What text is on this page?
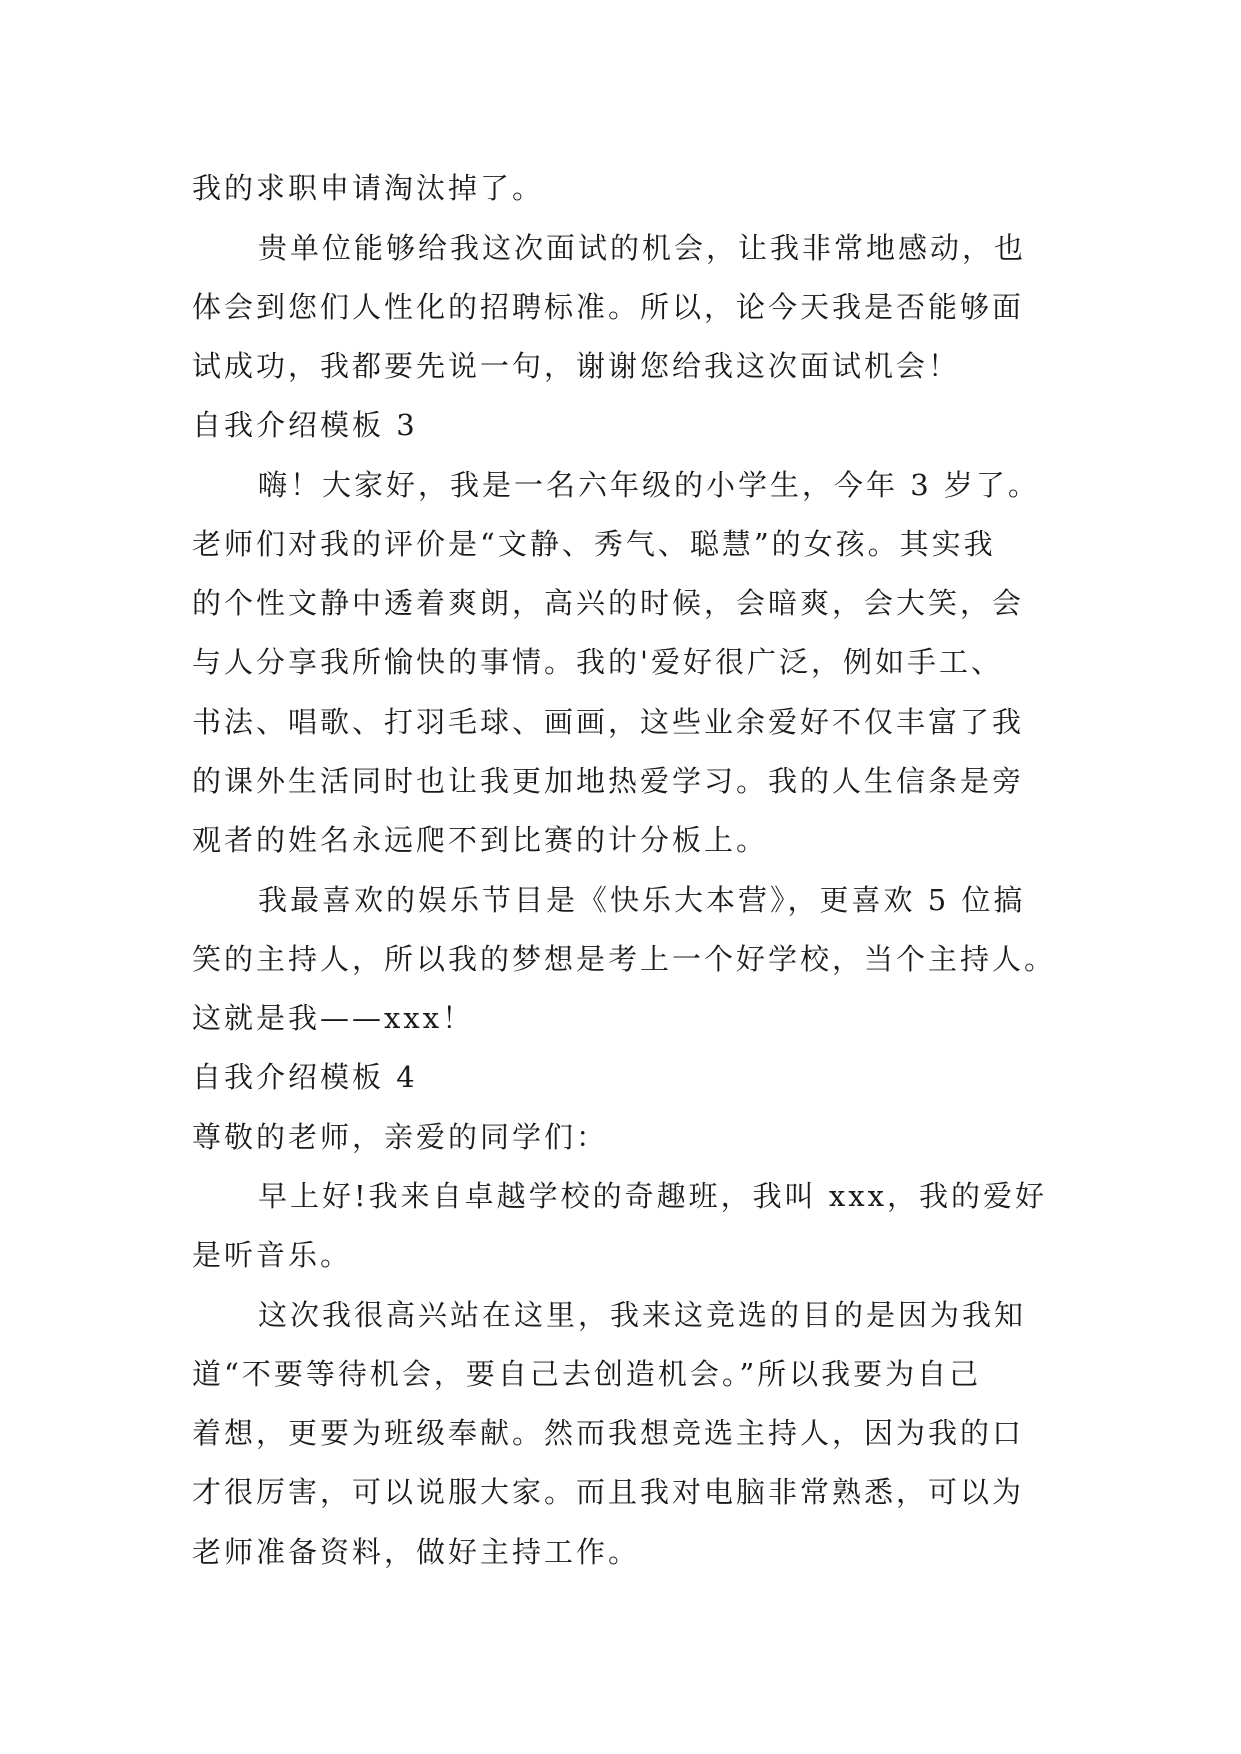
我的求职申请淘汰掉了。

贵单位能够给我这次面试的机会，让我非常地感动，也

体会到您们人性化的招聘标准。所以，论今天我是否能够面

试成功，我都要先说一句，谢谢您给我这次面试机会！

自我介绍模板 3

嗨！大家好，我是一名六年级的小学生，今年 3 岁了。

老师们对我的评价是“文静、秀气、聪慧”的女孩。其实我

的个性文静中透着爽朗，高兴的时候，会暗爽，会大笑，会

与人分享我所愉快的事情。我的'爱好很广泛，例如手工、

书法、唱歌、打羽毛球、画画，这些业余爱好不仅丰富了我

的课外生活同时也让我更加地热爱学习。我的人生信条是旁

观者的姓名永远爬不到比赛的计分板上。

我最喜欢的娱乐节目是《快乐大本营》，更喜欢 5 位搞

笑的主持人，所以我的梦想是考上一个好学校，当个主持人。

这就是我——xxx！

自我介绍模板 4

尊敬的老师，亲爱的同学们：

早上好!我来自卓越学校的奇趣班，我叫 xxx，我的爱好

是听音乐。

这次我很高兴站在这里，我来这竞选的目的是因为我知

道“不要等待机会，要自己去创造机会。”所以我要为自己

着想，更要为班级奉献。然而我想竞选主持人，因为我的口

才很厉害，可以说服大家。而且我对电脑非常熟悉，可以为

老师准备资料，做好主持工作。
